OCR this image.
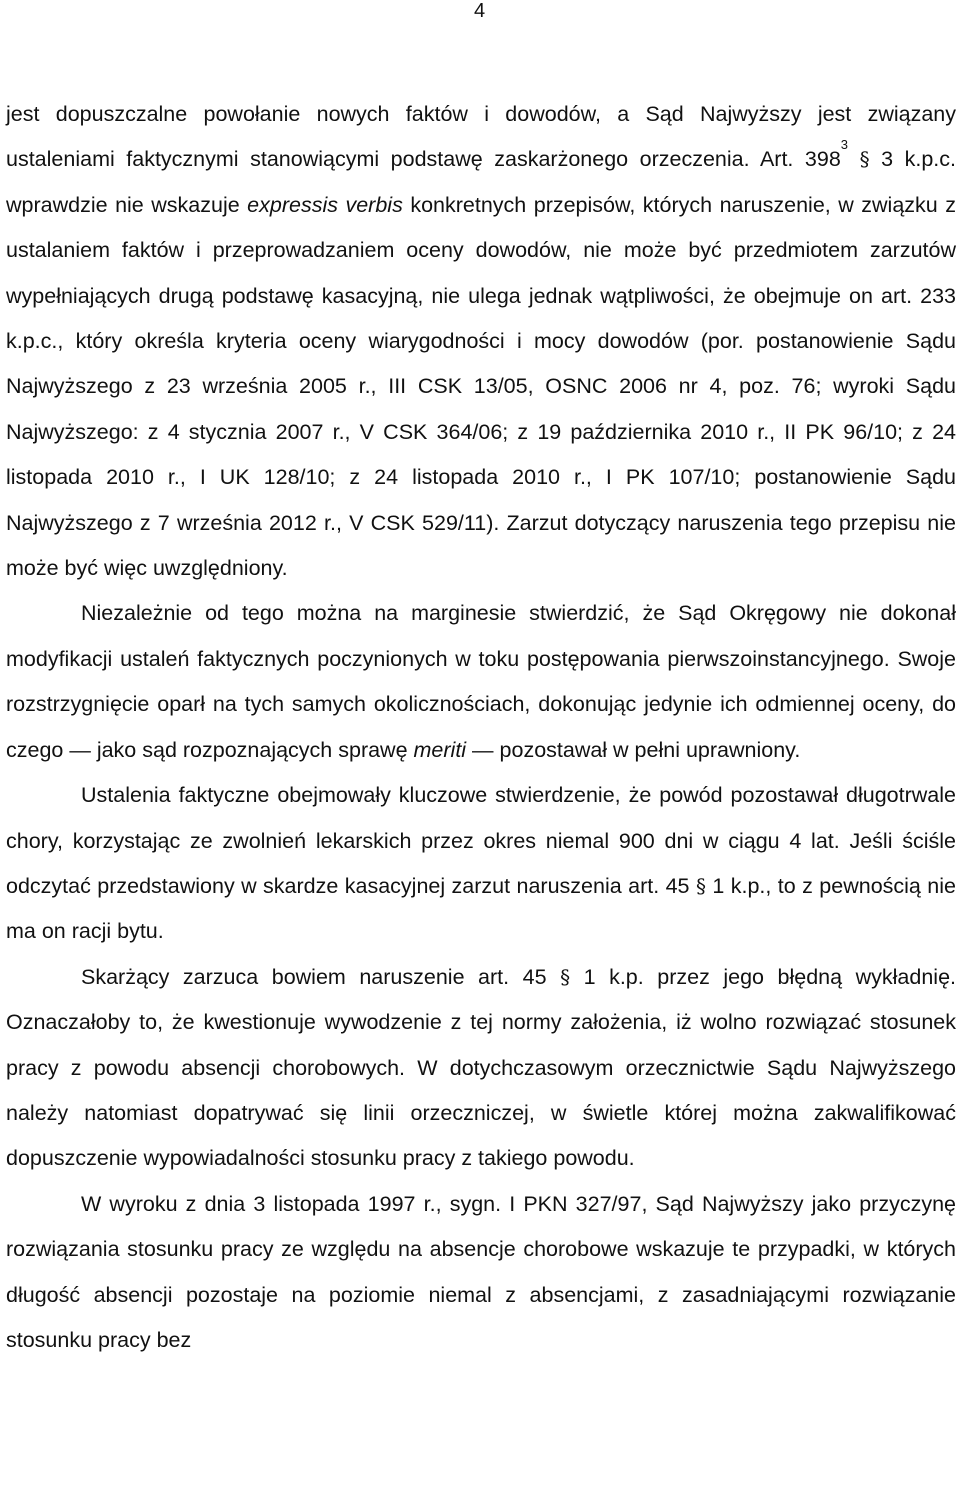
4

jest dopuszczalne powołanie nowych faktów i dowodów, a Sąd Najwyższy jest związany ustaleniami faktycznymi stanowiącymi podstawę zaskarżonego orzeczenia. Art. $398^3$ § 3 k.p.c. wprawdzie nie wskazuje expressis verbis konkretnych przepisów, których naruszenie, w związku z ustalaniem faktów i przeprowadzaniem oceny dowodów, nie może być przedmiotem zarzutów wypełniających drugą podstawę kasacyjną, nie ulega jednak wątpliwości, że obejmuje on art. 233 k.p.c., który określa kryteria oceny wiarygodności i mocy dowodów (por. postanowienie Sądu Najwyższego z 23 września 2005 r., III CSK 13/05, OSNC 2006 nr 4, poz. 76; wyroki Sądu Najwyższego: z 4 stycznia 2007 r., V CSK 364/06; z 19 października 2010 r., II PK 96/10; z 24 listopada 2010 r., I UK 128/10; z 24 listopada 2010 r., I PK 107/10; postanowienie Sądu Najwyższego z 7 września 2012 r., V CSK 529/11). Zarzut dotyczący naruszenia tego przepisu nie może być więc uwzględniony.

Niezależnie od tego można na marginesie stwierdzić, że Sąd Okręgowy nie dokonał modyfikacji ustaleń faktycznych poczynionych w toku postępowania pierwszoinstancyjnego. Swoje rozstrzygnięcie oparł na tych samych okolicznościach, dokonując jedynie ich odmiennej oceny, do czego — jako sąd rozpoznających sprawę meriti — pozostawał w pełni uprawniony.

Ustalenia faktyczne obejmowały kluczowe stwierdzenie, że powód pozostawał długotrwale chory, korzystając ze zwolnień lekarskich przez okres niemal 900 dni w ciągu 4 lat. Jeśli ściśle odczytać przedstawiony w skardze kasacyjnej zarzut naruszenia art. 45 § 1 k.p., to z pewnością nie ma on racji bytu.

Skarżący zarzuca bowiem naruszenie art. 45 § 1 k.p. przez jego błędną wykładnię. Oznaczałoby to, że kwestionuje wywodzenie z tej normy założenia, iż wolno rozwiązać stosunek pracy z powodu absencji chorobowych. W dotychczasowym orzecznictwie Sądu Najwyższego należy natomiast dopatrywać się linii orzeczniczej, w świetle której można zakwalifikować dopuszczenie wypowiadalności stosunku pracy z takiego powodu.

W wyroku z dnia 3 listopada 1997 r., sygn. I PKN 327/97, Sąd Najwyższy jako przyczynę rozwiązania stosunku pracy ze względu na absencje chorobowe wskazuje te przypadki, w których długość absencji pozostaje na poziomie niemal z absencjami, z zasadniającymi rozwiązanie stosunku pracy bez
